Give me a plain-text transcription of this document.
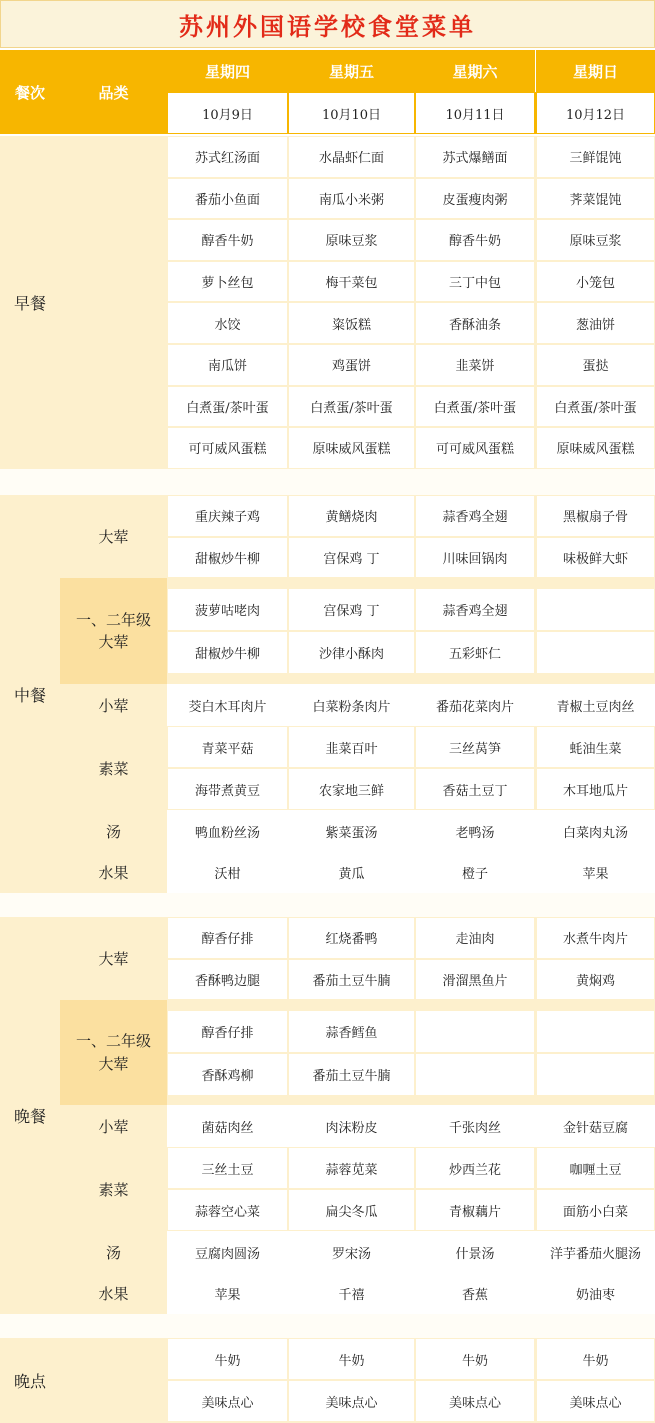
苏州外国语学校食堂菜单
餐次	品类
星期四	星期五	星期六	星期日
10月9日	10月10日	10月11日	10月12日
早餐
苏式红汤面	水晶虾仁面	苏式爆鳝面	三鲜馄饨
番茄小鱼面	南瓜小米粥	皮蛋瘦肉粥	荠菜馄饨
醇香牛奶	原味豆浆	醇香牛奶	原味豆浆
萝卜丝包	梅干菜包	三丁中包	小笼包
水饺	粢饭糕	香酥油条	葱油饼
南瓜饼	鸡蛋饼	韭菜饼	蛋挞
白煮蛋/茶叶蛋	白煮蛋/茶叶蛋	白煮蛋/茶叶蛋	白煮蛋/茶叶蛋
可可威风蛋糕	原味威风蛋糕	可可威风蛋糕	原味威风蛋糕
中餐
大荤
重庆辣子鸡	黄鳝烧肉	蒜香鸡全翅	黑椒扇子骨
甜椒炒牛柳	宫保鸡 丁	川味回锅肉	味极鲜大虾
一、二年级
大荤
菠萝咕咾肉	宫保鸡 丁	蒜香鸡全翅
甜椒炒牛柳	沙律小酥肉	五彩虾仁
小荤	茭白木耳肉片	白菜粉条肉片	番茄花菜肉片	青椒土豆肉丝
素菜
青菜平菇	韭菜百叶	三丝莴笋	蚝油生菜
海带煮黄豆	农家地三鲜	香菇土豆丁	木耳地瓜片
汤	鸭血粉丝汤	紫菜蛋汤	老鸭汤	白菜肉丸汤
水果	沃柑	黄瓜	橙子	苹果
晚餐
大荤
醇香仔排	红烧番鸭	走油肉	水煮牛肉片
香酥鸭边腿	番茄土豆牛腩	滑溜黑鱼片	黄焖鸡
一、二年级
大荤
醇香仔排	蒜香鳕鱼
香酥鸡柳	番茄土豆牛腩
小荤	菌菇肉丝	肉沫粉皮	千张肉丝	金针菇豆腐
素菜
三丝土豆	蒜蓉苋菜	炒西兰花	咖喱土豆
蒜蓉空心菜	扁尖冬瓜	青椒藕片	面筋小白菜
汤	豆腐肉圆汤	罗宋汤	什景汤	洋芋番茄火腿汤
水果	苹果	千禧	香蕉	奶油枣
晚点
牛奶	牛奶	牛奶	牛奶
美味点心	美味点心	美味点心	美味点心
